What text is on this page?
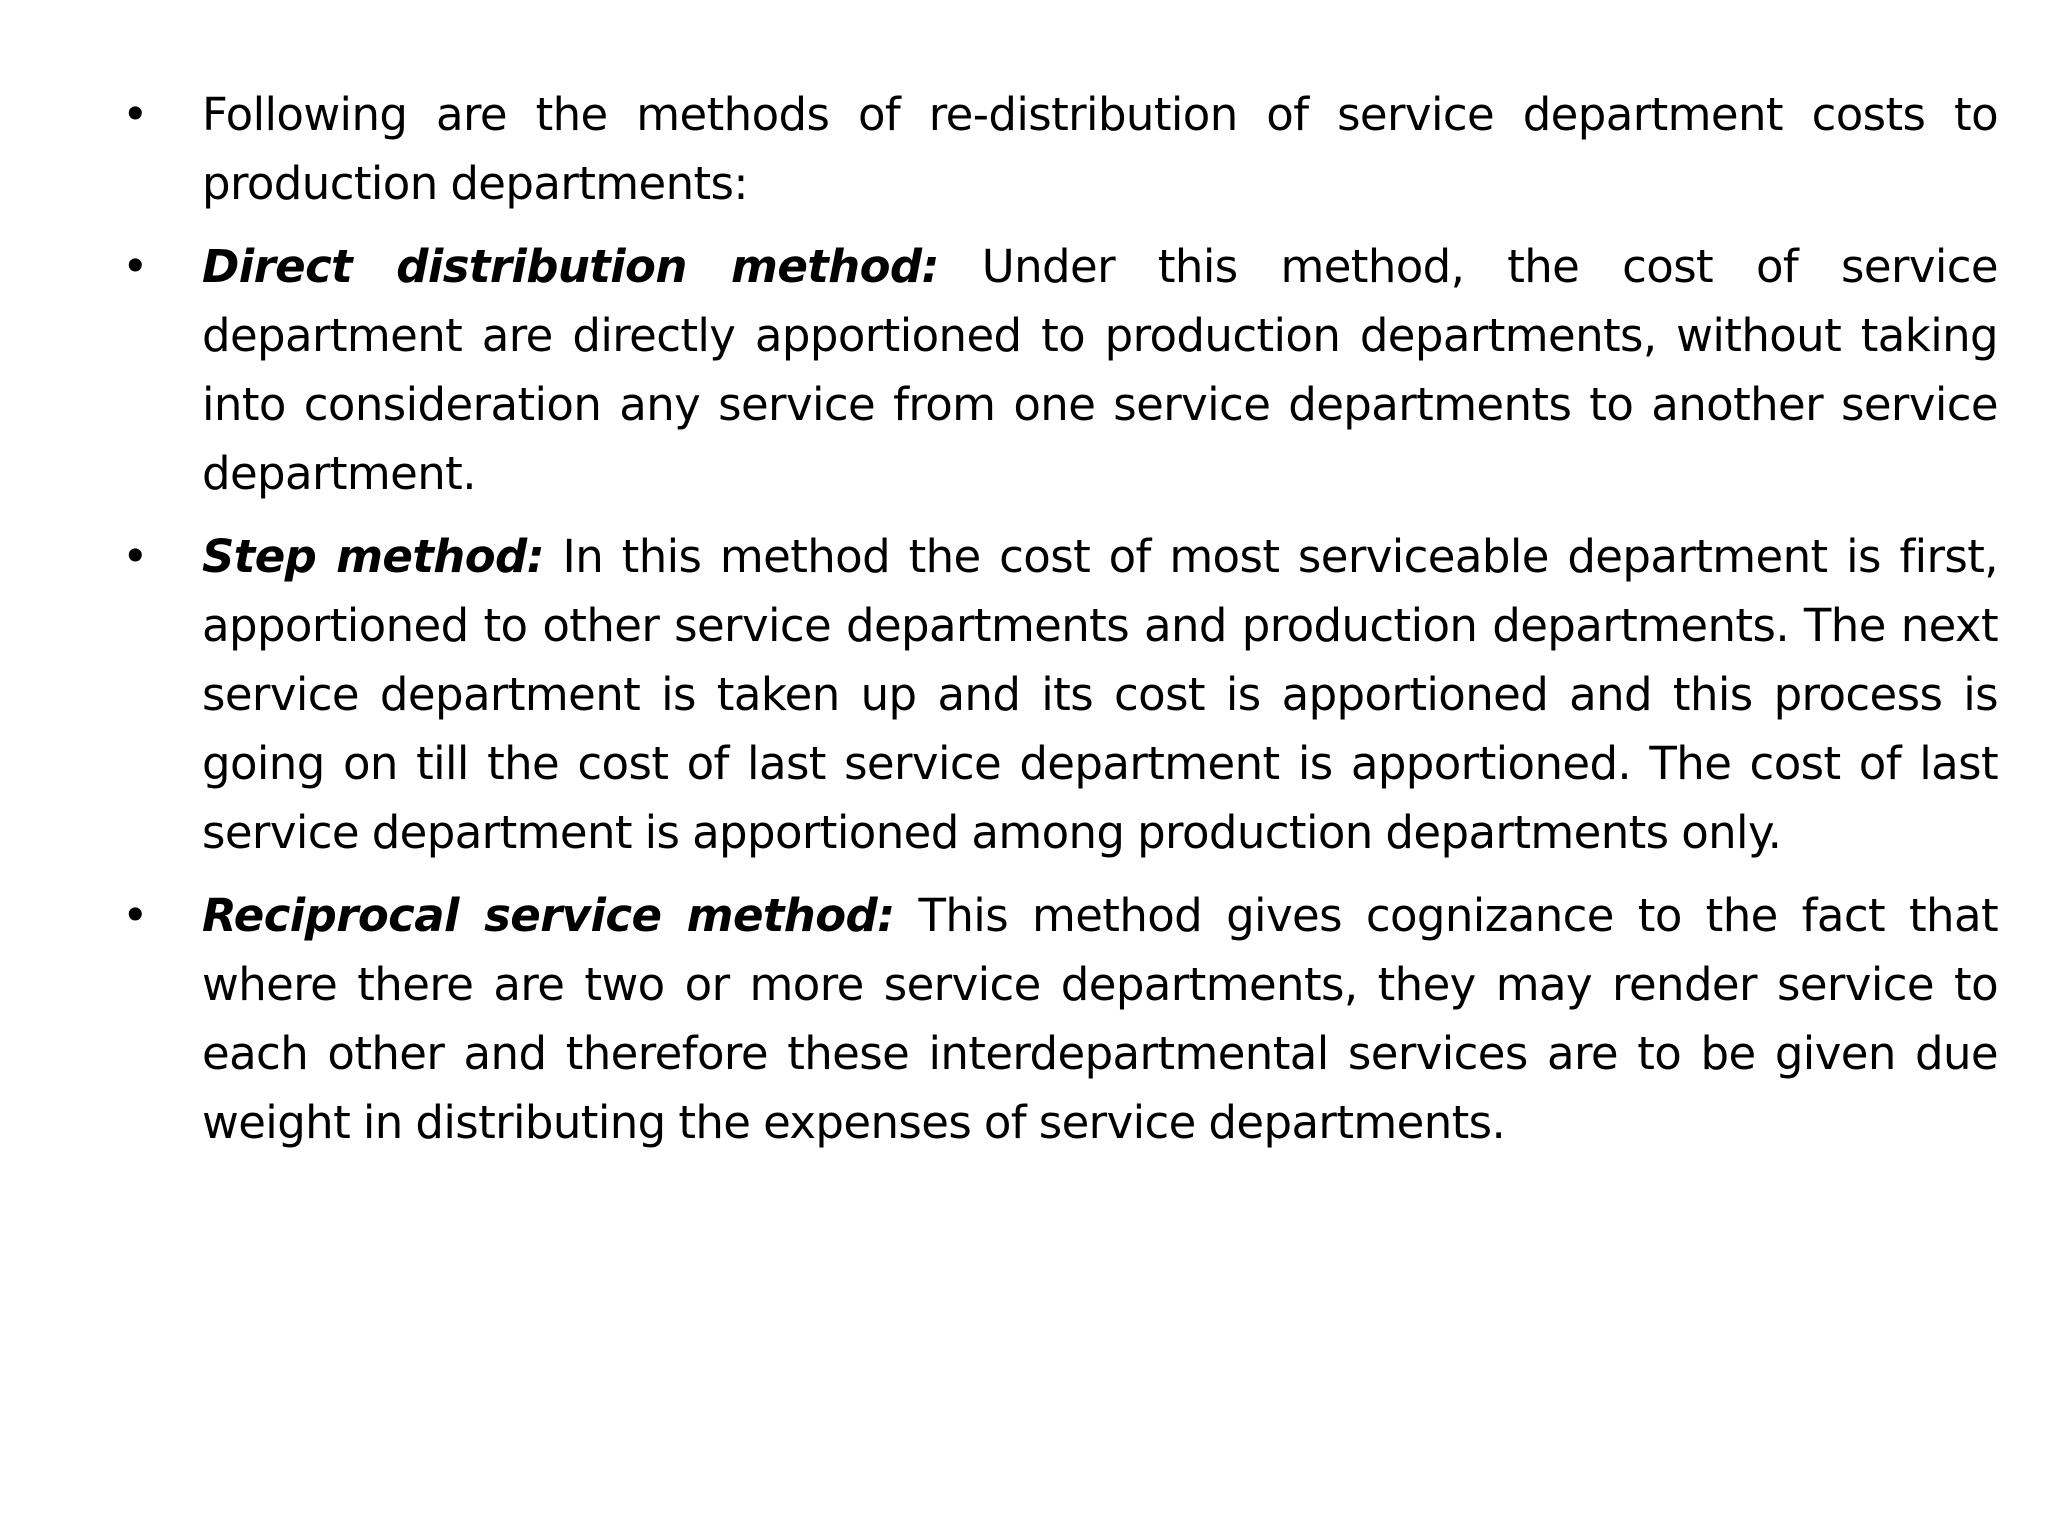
• Following are the methods of re-distribution of service department costs to production departments:
• Direct distribution method: Under this method, the cost of service department are directly apportioned to production departments, without taking into consideration any service from one service departments to another service department.
• Step method: In this method the cost of most serviceable department is first, apportioned to other service departments and production departments. The next service department is taken up and its cost is apportioned and this process is going on till the cost of last service department is apportioned. The cost of last service department is apportioned among production departments only.
• Reciprocal service method: This method gives cognizance to the fact that where there are two or more service departments, they may render service to each other and therefore these interdepartmental services are to be given due weight in distributing the expenses of service departments.
